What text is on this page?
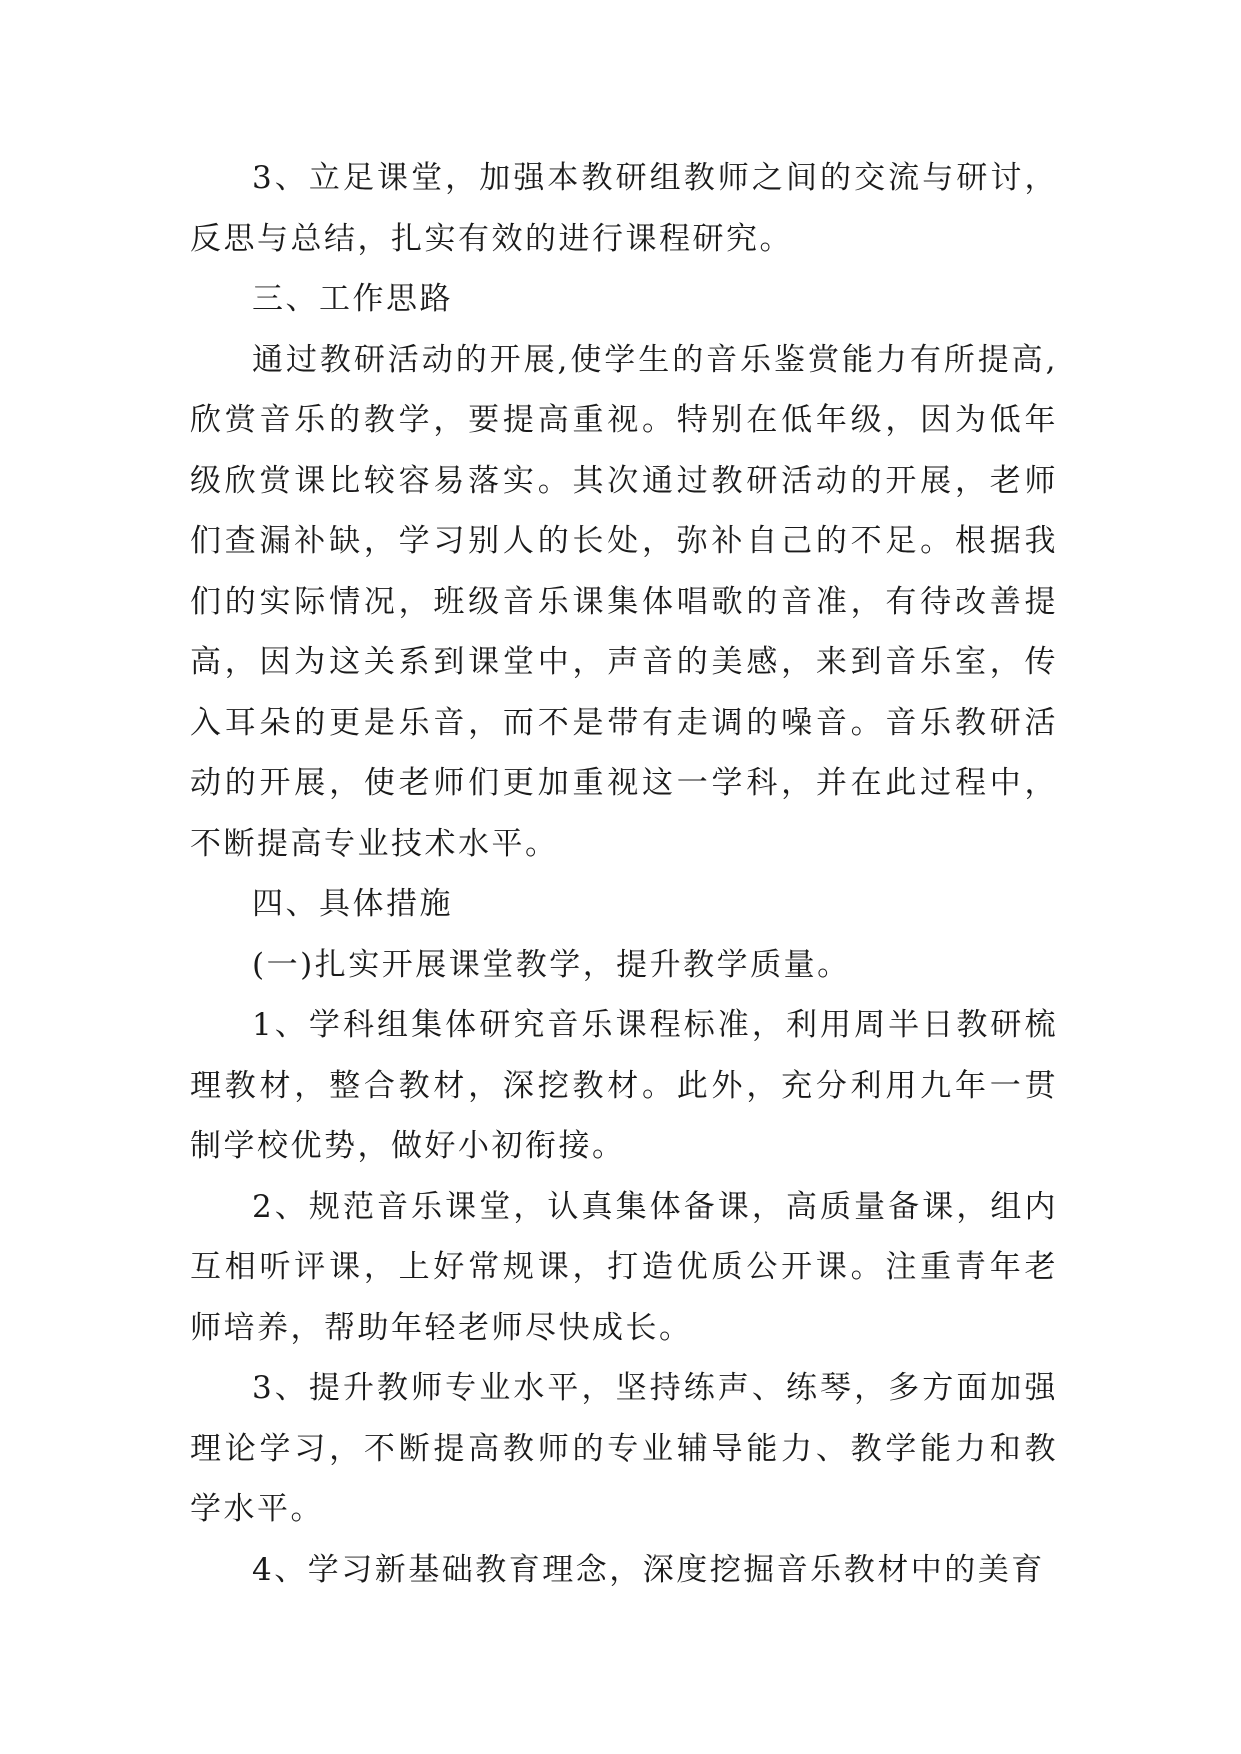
3、立足课堂，加强本教研组教师之间的交流与研讨，反思与总结，扎实有效的进行课程研究。

三、工作思路

通过教研活动的开展,使学生的音乐鉴赏能力有所提高,欣赏音乐的教学，要提高重视。特别在低年级，因为低年级欣赏课比较容易落实。其次通过教研活动的开展，老师们查漏补缺，学习别人的长处，弥补自己的不足。根据我们的实际情况，班级音乐课集体唱歌的音准，有待改善提高，因为这关系到课堂中，声音的美感，来到音乐室，传入耳朵的更是乐音，而不是带有走调的噪音。音乐教研活动的开展，使老师们更加重视这一学科，并在此过程中，不断提高专业技术水平。

四、具体措施

(一)扎实开展课堂教学，提升教学质量。

1、学科组集体研究音乐课程标准，利用周半日教研梳理教材，整合教材，深挖教材。此外，充分利用九年一贯制学校优势，做好小初衔接。

2、规范音乐课堂，认真集体备课，高质量备课，组内互相听评课，上好常规课，打造优质公开课。注重青年老师培养，帮助年轻老师尽快成长。

3、提升教师专业水平，坚持练声、练琴，多方面加强理论学习，不断提高教师的专业辅导能力、教学能力和教学水平。

4、学习新基础教育理念，深度挖掘音乐教材中的美育
